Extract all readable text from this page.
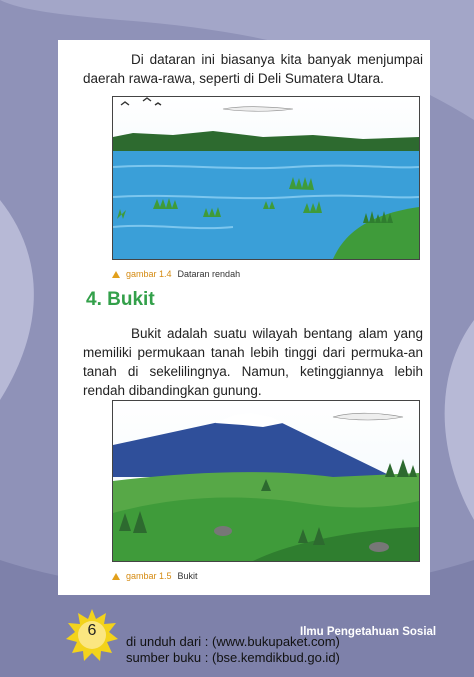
Di dataran ini biasanya kita banyak menjumpai daerah rawa-rawa, seperti di Deli Sumatera Utara.

gambar 1.4 Dataran rendah
4. Bukit

Bukit adalah suatu wilayah bentang alam yang memiliki permukaan tanah lebih tinggi dari permuka-an tanah di sekelilingnya. Namun, ketinggiannya lebih rendah dibandingkan gunung.

gambar 1.5 Bukit
6	Ilmu Pengetahuan Sosial
di unduh dari : (www.bukupaket.com)
sumber buku : (bse.kemdikbud.go.id)
